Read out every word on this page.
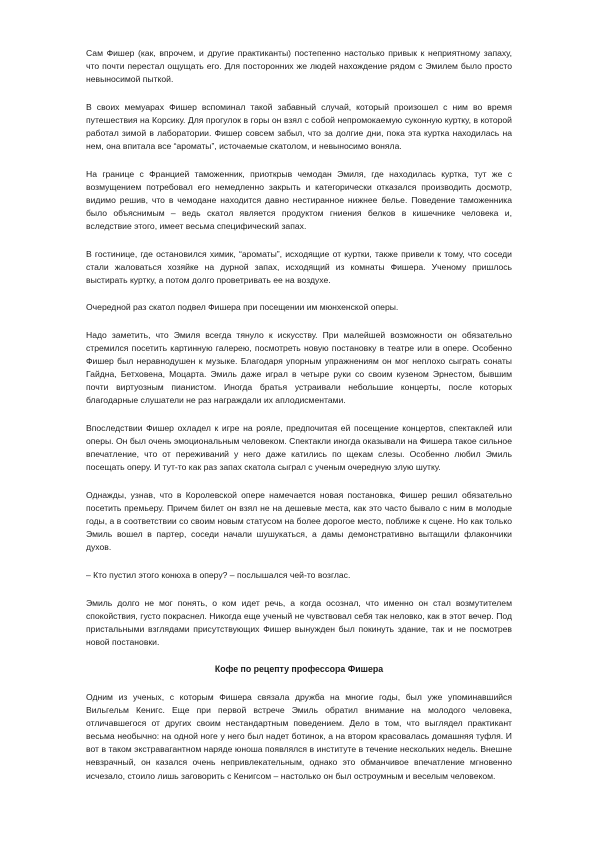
Сам Фишер (как, впрочем, и другие практиканты) постепенно настолько привык к неприятному запаху, что почти перестал ощущать его. Для посторонних же людей нахождение рядом с Эмилем было просто невыносимой пыткой.

В своих мемуарах Фишер вспоминал такой забавный случай, который произошел с ним во время путешествия на Корсику. Для прогулок в горы он взял с собой непромокаемую суконную куртку, в которой работал зимой в лаборатории. Фишер совсем забыл, что за долгие дни, пока эта куртка находилась на нем, она впитала все “ароматы”, источаемые скатолом, и невыносимо воняла.

На границе с Францией таможенник, приоткрыв чемодан Эмиля, где находилась куртка, тут же с возмущением потребовал его немедленно закрыть и категорически отказался производить досмотр, видимо решив, что в чемодане находится давно нестиранное нижнее белье. Поведение таможенника было объяснимым – ведь скатол является продуктом гниения белков в кишечнике человека и, вследствие этого, имеет весьма специфический запах.

В гостинице, где остановился химик, “ароматы”, исходящие от куртки, также привели к тому, что соседи стали жаловаться хозяйке на дурной запах, исходящий из комнаты Фишера. Ученому пришлось выстирать куртку, а потом долго проветривать ее на воздухе.

Очередной раз скатол подвел Фишера при посещении им мюнхенской оперы.

Надо заметить, что Эмиля всегда тянуло к искусству. При малейшей возможности он обязательно стремился посетить картинную галерею, посмотреть новую постановку в театре или в опере. Особенно Фишер был неравнодушен к музыке. Благодаря упорным упражнениям он мог неплохо сыграть сонаты Гайдна, Бетховена, Моцарта. Эмиль даже играл в четыре руки со своим кузеном Эрнестом, бывшим почти виртуозным пианистом. Иногда братья устраивали небольшие концерты, после которых благодарные слушатели не раз награждали их аплодисментами.

Впоследствии Фишер охладел к игре на рояле, предпочитая ей посещение концертов, спектаклей или оперы. Он был очень эмоциональным человеком. Спектакли иногда оказывали на Фишера такое сильное впечатление, что от переживаний у него даже катились по щекам слезы. Особенно любил Эмиль посещать оперу. И тут-то как раз запах скатола сыграл с ученым очередную злую шутку.

Однажды, узнав, что в Королевской опере намечается новая постановка, Фишер решил обязательно посетить премьеру. Причем билет он взял не на дешевые места, как это часто бывало с ним в молодые годы, а в соответствии со своим новым статусом на более дорогое место, поближе к сцене. Но как только Эмиль вошел в партер, соседи начали шушукаться, а дамы демонстративно вытащили флакончики духов.

– Кто пустил этого конюха в оперу? – послышался чей-то возглас.

Эмиль долго не мог понять, о ком идет речь, а когда осознал, что именно он стал возмутителем спокойствия, густо покраснел. Никогда еще ученый не чувствовал себя так неловко, как в этот вечер. Под пристальными взглядами присутствующих Фишер вынужден был покинуть здание, так и не посмотрев новой постановки.

Кофе по рецепту профессора Фишера

Одним из ученых, с которым Фишера связала дружба на многие годы, был уже упоминавшийся Вильгельм Кенигс. Еще при первой встрече Эмиль обратил внимание на молодого человека, отличавшегося от других своим нестандартным поведением. Дело в том, что выглядел практикант весьма необычно: на одной ноге у него был надет ботинок, а на втором красовалась домашняя туфля. И вот в таком экстравагантном наряде юноша появлялся в институте в течение нескольких недель. Внешне невзрачный, он казался очень непривлекательным, однако это обманчивое впечатление мгновенно исчезало, стоило лишь заговорить с Кенигсом – настолько он был остроумным и веселым человеком.
